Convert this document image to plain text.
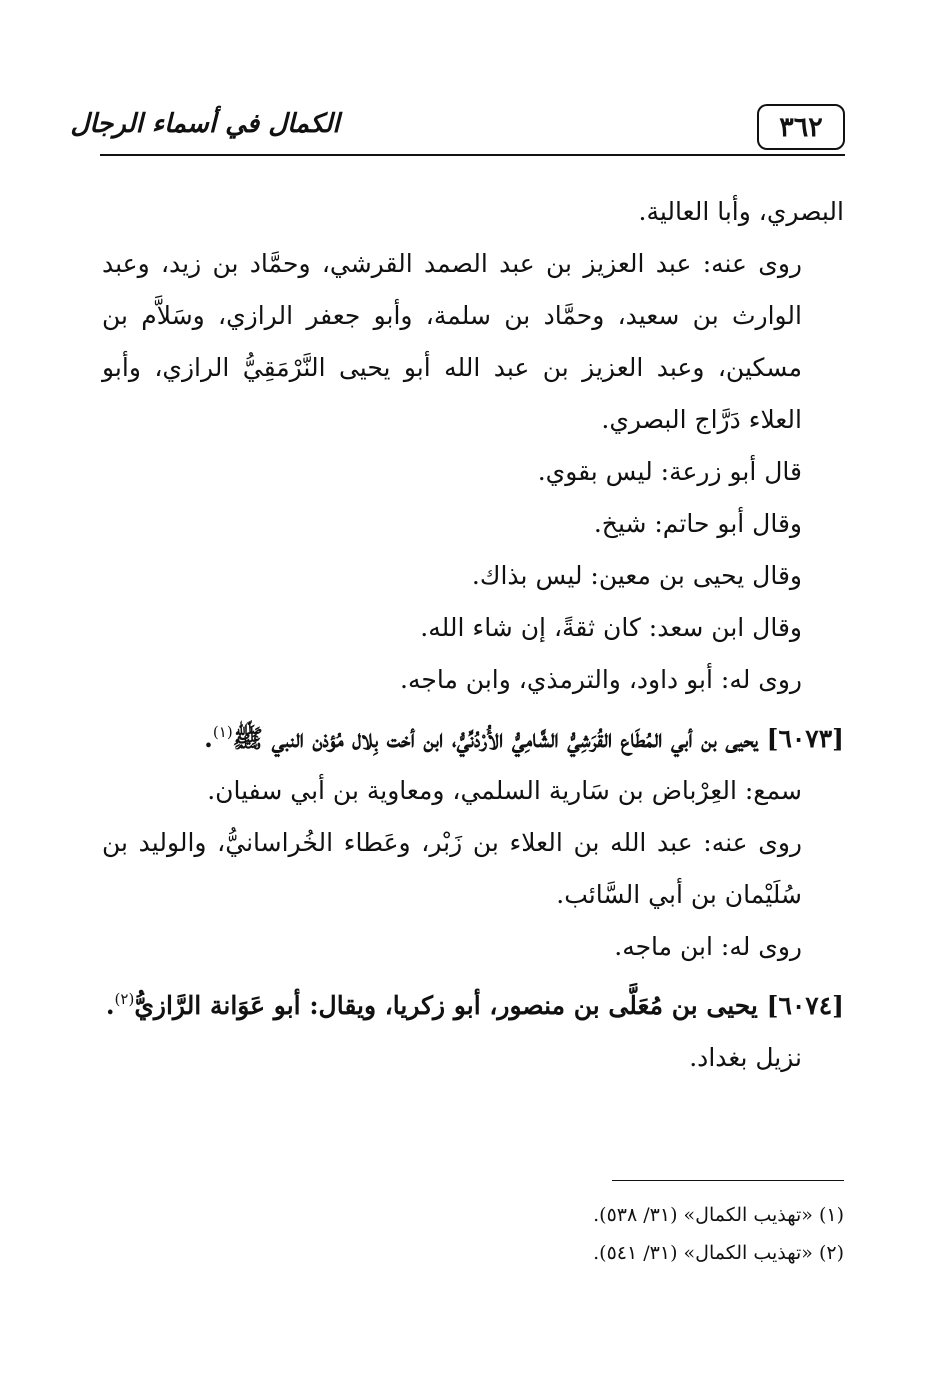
٣٦٢
الكمال في أسماء الرجال
البصري، وأبا العالية.
روى عنه: عبد العزيز بن عبد الصمد القرشي، وحمَّاد بن زيد، وعبد الوارث بن سعيد، وحمَّاد بن سلمة، وأبو جعفر الرازي، وسَلاَّم بن مسكين، وعبد العزيز بن عبد الله أبو يحيى النَّرْمَقِيُّ الرازي، وأبو العلاء دَرَّاج البصري.
قال أبو زرعة: ليس بقوي.
وقال أبو حاتم: شيخ.
وقال يحيى بن معين: ليس بذاك.
وقال ابن سعد: كان ثقةً، إن شاء الله.
روى له: أبو داود، والترمذي، وابن ماجه.
[٦٠٧٣] يحيى بن أبي المُطَاع القُرَشِيُّ الشَّامِيُّ الأُرْدُنِّيُّ، ابن أخت بِلال مُؤذن النبي ﷺ$^{(١)}$.
سمع: العِرْباض بن سَارية السلمي، ومعاوية بن أبي سفيان.
روى عنه: عبد الله بن العلاء بن زَبْر، وعَطاء الخُراسانيُّ، والوليد بن سُلَيْمان بن أبي السَّائب.
روى له: ابن ماجه.
[٦٠٧٤] يحيى بن مُعَلَّى بن منصور، أبو زكريا، ويقال: أبو عَوَانة الرَّازيُّ$^{(٢)}$.
نزيل بغداد.
(١) «تهذيب الكمال» (٣١/ ٥٣٨).
(٢) «تهذيب الكمال» (٣١/ ٥٤١).
